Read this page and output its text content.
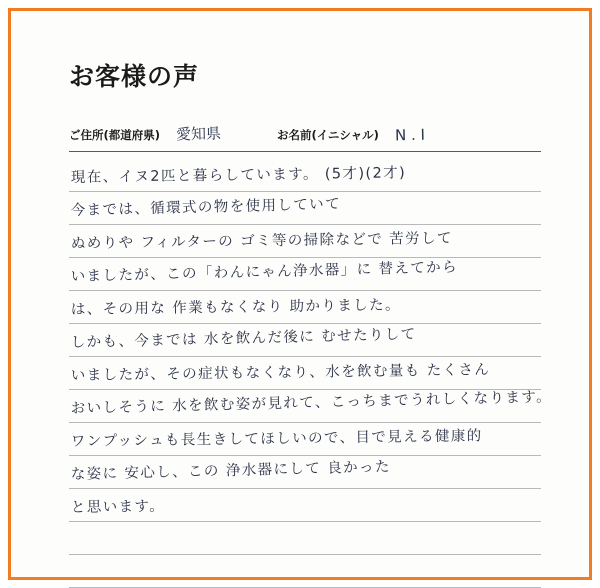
お客様の声
ご住所(都道府県)	愛知県	お名前(イニシャル)	N . I
現在、イヌ2匹と暮らしています。 (5才)(2才)
今までは、循環式の物を使用していて
ぬめりや フィルターの ゴミ等の掃除などで 苦労して
いましたが、この「わんにゃん浄水器」に 替えてから
は、その用な 作業もなくなり 助かりました。
しかも、今までは 水を飲んだ後に むせたりして
いましたが、その症状もなくなり、水を飲む量も たくさん
おいしそうに 水を飲む姿が見れて、こっちまでうれしくなります。
ワンプッシュも長生きしてほしいので、目で見える健康的
な姿に 安心し、この 浄水器にして 良かった
と思います。
